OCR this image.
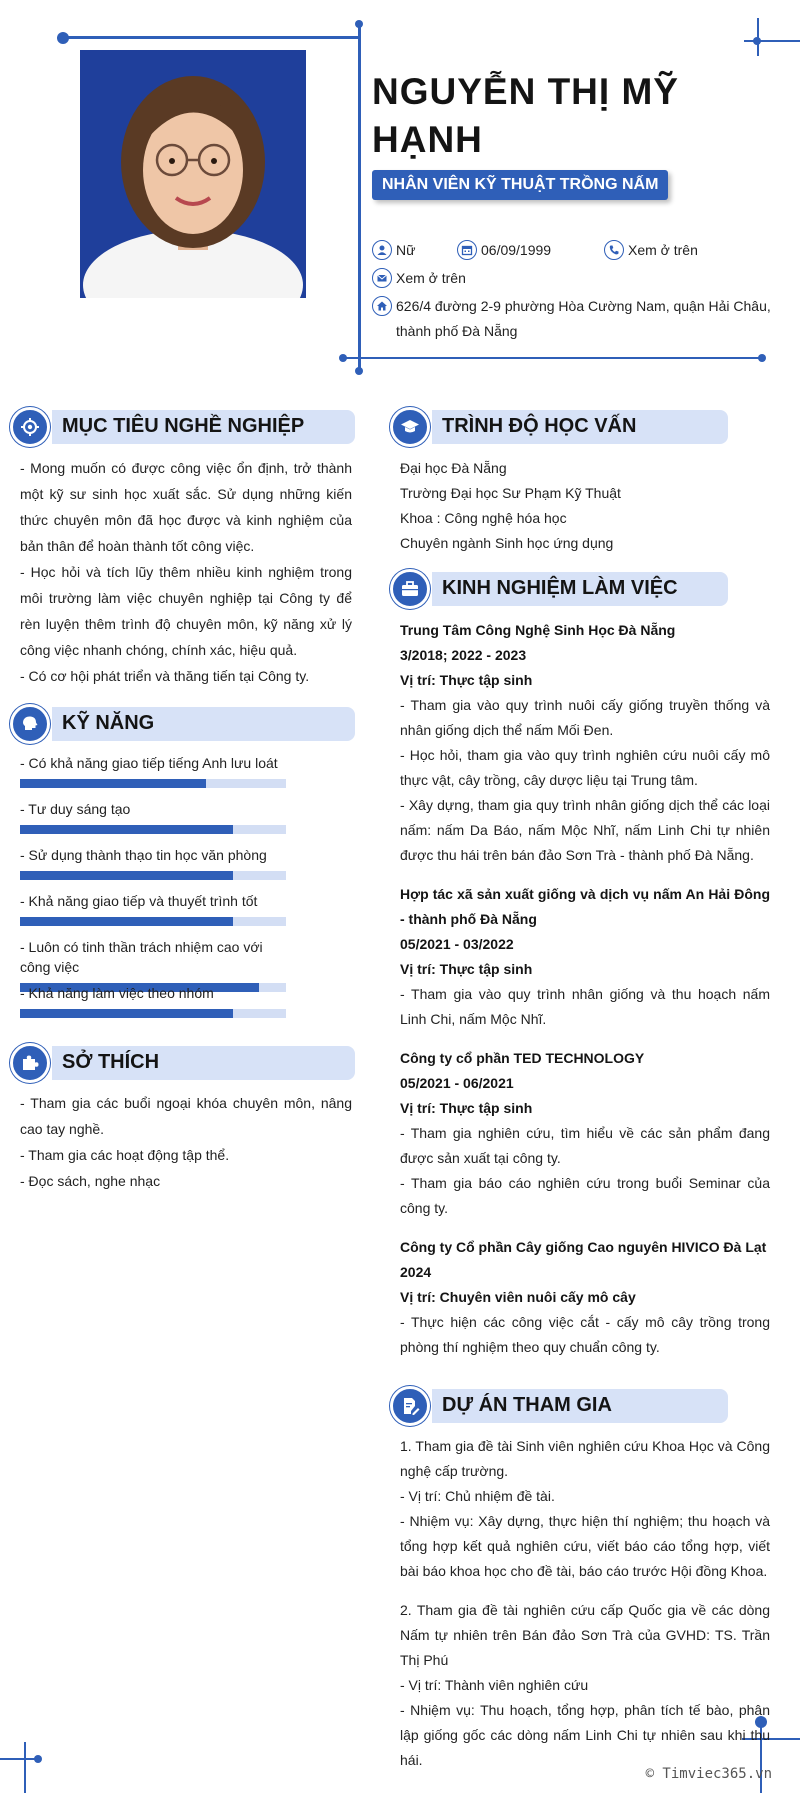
NGUYỄN THỊ MỸ HẠNH
NHÂN VIÊN KỸ THUẬT TRỒNG NẤM
Nữ	06/09/1999	Xem ở trên
Xem ở trên
626/4 đường 2-9 phường Hòa Cường Nam, quận Hải Châu, thành phố Đà Nẵng
MỤC TIÊU NGHỀ NGHIỆP

- Mong muốn có được công việc ổn định, trở thành một kỹ sư sinh học xuất sắc. Sử dụng những kiến thức chuyên môn đã học được và kinh nghiệm của bản thân để hoàn thành tốt công việc.

- Học hỏi và tích lũy thêm nhiều kinh nghiệm trong môi trường làm việc chuyên nghiệp tại Công ty để rèn luyện thêm trình độ chuyên môn, kỹ năng xử lý công việc nhanh chóng, chính xác, hiệu quả.

- Có cơ hội phát triển và thăng tiến tại Công ty.

KỸ NĂNG
- Có khả năng giao tiếp tiếng Anh lưu loát
- Tư duy sáng tạo
- Sử dụng thành thạo tin học văn phòng
- Khả năng giao tiếp và thuyết trình tốt
- Luôn có tinh thần trách nhiệm cao với công việc
- Khả năng làm việc theo nhóm
SỞ THÍCH

- Tham gia các buổi ngoại khóa chuyên môn, nâng cao tay nghề.

- Tham gia các hoạt động tập thể.

- Đọc sách, nghe nhạc

TRÌNH ĐỘ HỌC VẤN
Đại học Đà Nẵng
Trường Đại học Sư Phạm Kỹ Thuật
Khoa : Công nghệ hóa học
Chuyên ngành Sinh học ứng dụng
KINH NGHIỆM LÀM VIỆC
Trung Tâm Công Nghệ Sinh Học Đà Nẵng
3/2018; 2022 - 2023
Vị trí: Thực tập sinh
- Tham gia vào quy trình nuôi cấy giống truyền thống và nhân giống dịch thể nấm Mối Đen.
- Học hỏi, tham gia vào quy trình nghiên cứu nuôi cấy mô thực vật, cây trồng, cây dược liệu tại Trung tâm.
- Xây dựng, tham gia quy trình nhân giống dịch thể các loại nấm: nấm Da Báo, nấm Mộc Nhĩ, nấm Linh Chi tự nhiên được thu hái trên bán đảo Sơn Trà - thành phố Đà Nẵng.
Hợp tác xã sản xuất giống và dịch vụ nấm An Hải Đông - thành phố Đà Nẵng
05/2021 - 03/2022
Vị trí: Thực tập sinh
- Tham gia vào quy trình nhân giống và thu hoạch nấm Linh Chi, nấm Mộc Nhĩ.
Công ty cổ phần TED TECHNOLOGY
05/2021 - 06/2021
Vị trí: Thực tập sinh
- Tham gia nghiên cứu, tìm hiểu về các sản phẩm đang được sản xuất tại công ty.
- Tham gia báo cáo nghiên cứu trong buổi Seminar của công ty.
Công ty Cổ phần Cây giống Cao nguyên HIVICO Đà Lạt
2024
Vị trí: Chuyên viên nuôi cấy mô cây
- Thực hiện các công việc cắt - cấy mô cây trồng trong phòng thí nghiệm theo quy chuẩn công ty.
DỰ ÁN THAM GIA
1. Tham gia đề tài Sinh viên nghiên cứu Khoa Học và Công nghệ cấp trường.
- Vị trí: Chủ nhiệm đề tài.
- Nhiệm vụ: Xây dựng, thực hiện thí nghiệm; thu hoạch và tổng hợp kết quả nghiên cứu, viết báo cáo tổng hợp, viết bài báo khoa học cho đề tài, báo cáo trước Hội đồng Khoa.
2. Tham gia đề tài nghiên cứu cấp Quốc gia về các dòng Nấm tự nhiên trên Bán đảo Sơn Trà của GVHD: TS. Trần Thị Phú
- Vị trí: Thành viên nghiên cứu
- Nhiệm vụ: Thu hoạch, tổng hợp, phân tích tế bào, phân lập giống gốc các dòng nấm Linh Chi tự nhiên sau khi thu hái.
© Timviec365.vn
